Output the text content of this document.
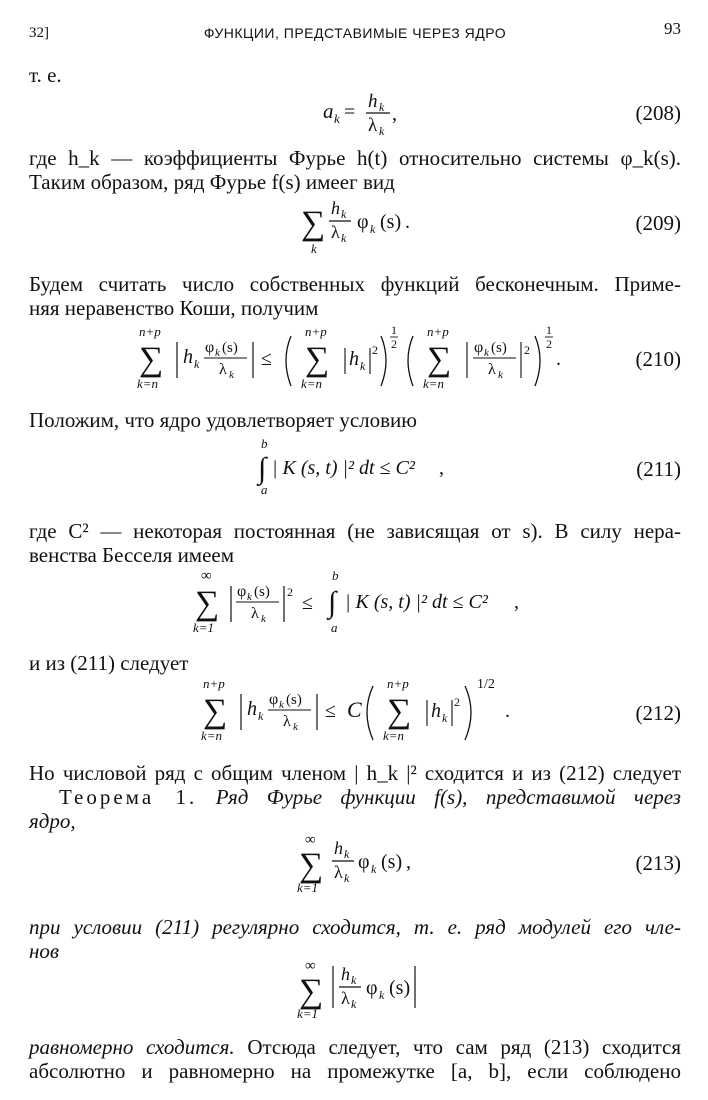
32]	ФУНКЦИИ, ПРЕДСТАВИМЫЕ ЧЕРЕЗ ЯДРО	93
т. е.
a k = h k
λ k
,	(208)
где h_k — коэффициенты Фурье h(t) относительно системы φ_k(s).
Таким образом, ряд Фурье f(s) имеег вид
∑
k
h k
λ k
φ k (s) .	(209)
Будем считать число собственных функций бесконечным. Приме-
няя неравенство Коши, получим
n+p
∑
k=n
h k
φ k (s)
λ k
≤
n+p
∑
k=n
h k
2
1
2
n+p
∑
k=n
φ k (s)
λ k
2
1
2
.	(210)
Положим, что ядро удовлетворяет условию
b
∫
a
| K (s, t) |² dt ≤ C² ,	(211)
где C² — некоторая постоянная (не зависящая от s). В силу нера-
венства Бесселя имеем
∞
∑
k=1
φ k (s)
λ k
2 ≤
b
∫
a
| K (s, t) |² dt ≤ C² ,
и из (211) следует
n+p
∑
k=n
h k
φ k (s)
λ k
≤ C
n+p
∑
k=n
h k
2
1/2
.	(212)
Но числовой ряд с общим членом | h_k |² сходится и из (212) следует
Теорема 1. Ряд Фурье функции f(s), представимой через
ядро,
∞
∑
k=1
h k
λ k
φ k (s) ,	(213)
при условии (211) регулярно сходится, т. е. ряд модулей его чле-
нов
∞
∑
k=1
h k
λ k
φ k (s)
равномерно сходится. Отсюда следует, что сам ряд (213) сходится
абсолютно и равномерно на промежутке [a, b], если соблюдено
